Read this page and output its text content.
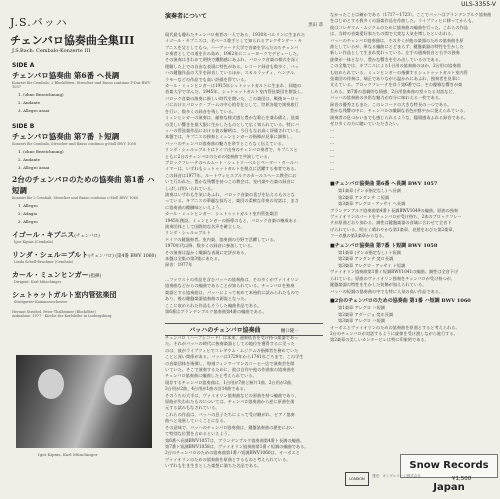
ULS-3355-V
J.S.バッハ
チェンバロ協奏曲全集III
J.S.Bach: Cembalo-Konzerte III
SIDE A
チェンバロ協奏曲 第6番 ヘ長調
Konzert für Cembalo, 2 Blockflöten, Streicher und Basso continuo F-Dur BWV 1057
1. (ohne Bezeichnung)
2. Andante
3. Allegro assai
SIDE B
チェンバロ協奏曲 第7番 ト短調
Konzert für Cembalo, Streicher und Basso continuo g-Moll BWV 1058
1. (ohne Bezeichnung)
2. Andante
3. Allegro assai
2台のチェンバロのための協奏曲 第1番 ハ短調
Konzert für 2 Cembali, Streicher und Basso continuo c-Moll BWV 1060
1. Allegro
2. Adagio
3. Allegro
イゴール・キプニス(チェンバロ)
Igor Kipnis (Cembalo)
リンダ・シェル＝ブルト(チェンバロ) (第4番 BWV 1060)
Linda Schell-Bruckner (Cembalo)
カール・ミュンヒンガー(指揮)
Dirigent: Karl Münchinger
シュトゥットガルト室内管弦楽団
Stuttgarter Kammerorchester
Hermut Striebel, Peter Thalheimer (Blockflöte)
Aufnahme: 1977 · Kirche der Karlshöhe in Ludwigsburg
Igor Kipnis, Karl Münchinger
演奏者について
黒田 恭
現代最も優れたチェンバロ奏者の一人である、1930年ベルリンに生まれた
イゴール・キプニスは、名ベース歌手として知られるアレクサンダー・キ
プニスを父としてもつ。ハーヴァード大学で音楽を学んだのちチェンバ
ロ奏者としての道を歩み始め、1962年にニューヨークでデビューした。
その演奏はきわめて明快で躍動感にあふれ、バロック音楽の様式を深く
理解した上での自由な表現に特色がある。レコード録音も数多く、バッ
ハの鍵盤作品の大半を録音しているほか、スカルラッティ、ヘンデル、
ラモーなどの作品でも高い評価を得ている。
カール・ミュンヒンガーは1915年シュトゥットガルトに生まれ、同地の
音楽大学で学んだ。1945年、シュトゥットガルト室内管弦楽団を創設し、
バロック音楽の演奏に新しい時代を開いた。この楽団は、戦後ヨーロッ
パにおけるバロック・ブームの中心的存在として、世界各地で演奏旅行
を行い、数多くの録音を残している。
ミュンヒンガーの演奏は、厳格な様式感と豊かな歌心を兼ね備え、弦楽
の美しい響きを最大限に生かしたものとして広く知られている。特にバ
ッハの管弦楽作品における彼の解釈は、今日もなお高く評価されている。
本盤では、キプニスの独奏とミュンヒンガーの指揮が見事に調和し、
バッハのチェンバロ協奏曲の魅力を余すところなく伝えている。
リンダ・シェル＝ブルトはドイツ出身のチェンバロ奏者で、キプニスと
ともに2台のチェンバロのための協奏曲で共演している。
ブロックフレーテのヘルムート・シュトリーベルとペーター・タールハ
イマーは、いずれもシュトゥットガルトを拠点に活躍する奏者である。
この録音は1977年、ルートヴィヒスブルクのカールスヘーエ教会にお
いて行われた。豊かな残響を持つこの教会は、室内楽や古楽の録音に
しばしば用いられている。
演奏はいずれも生気にあふれ、バロック音楽の喜びを伝えるものとな
っている。キプニスの華麗な技巧と、楽団の柔軟な伴奏の対話は、まさ
に協奏曲の醍醐味といえよう。
カール・ミュンヒンガー：シュトゥットガルト室内管弦楽団
1945年創設。ミュンヒンガーの指導のもと、バロック音楽の権威ある
演奏団体として国際的な名声を確立した。
リンダ・シェル＝ブルト
ドイツの鍵盤奏者。室内楽、協奏曲の分野で活躍している。
1970年代以降、数多くの録音に参加している。
その演奏は温かく繊細な表現に定評がある。
本盤は全集の第3集にあたる。
録音：1977年
…ファウストの作品を含むバッハの協奏曲は、その多くがヴァイオリン
協奏曲などからの編曲であることが知られている。チェンバロを独奏
楽器とする協奏曲は、バッハによって初めて本格的に試みられたもので
あり、後の鍵盤楽器協奏曲の源流となった。
ここに収められた作品もそうした編曲作品である。
第6番はブランデンブルク協奏曲第4番の編曲である。
バッハのチェンバロ協奏曲	樋口隆一
チェンバロ（ハープシコード）は本来、通奏低音を受け持つ楽器であっ
た。それがバッハの時代に独奏楽器としての地位を獲得するに至った
のは、彼がライプツィヒでコレギウム・ムジクムの指揮者を務めていた
ことと深い関係がある。バッハは1729年から1741年ごろまで、この学生
の音楽団体を指揮し、毎週ツィンマーマンのコーヒー店で演奏会を開
いていた。そこで演奏するために、彼は自作や他の作曲家の協奏曲を
チェンバロ協奏曲に編曲したと考えられている。
現存するチェンバロ協奏曲は、1台用が7曲と断片1曲、2台用が3曲、
3台用が2曲、4台用が1曲の計14曲である。
そのうちの大半は、ヴァイオリン協奏曲などの原曲を持つ編曲であり、
原曲が失われたものについては、チェンバロ協奏曲から逆に原曲を復
元する試みもなされている。
これらの作品は、バッハの息子たちによって受け継がれ、ピアノ協奏
曲へと発展していくことになる。
その意味で、バッハのチェンバロ協奏曲は、鍵盤協奏曲の歴史におい
て特別な位置を占めるといえよう。
第6番ヘ長調BWV1057は、ブランデンブルク協奏曲第4番ト長調の編曲。
第7番ト短調BWV1058は、ヴァイオリン協奏曲第1番イ短調の編曲である。
2台のチェンバロのための協奏曲第1番ハ短調BWV1060は、オーボエと
ヴァイオリンのための協奏曲を原曲とするものと考えられている。
いずれも生き生きとした楽想に満ちた名品である。
なかったことは確かである（1717〜1723）。ここでバッハはブランデンブルク協奏曲
をはじめとする数多くの器楽作品を作曲した。ライプツィヒに移ってからも、
彼はコレギウム・ムジクムのために協奏曲の編曲を行った。これらの作品
は、当時の音楽愛好家たちの間で大変な人気を博したといわれる。
バッハのチェンバロ協奏曲は、その多くが他の楽器のための協奏曲を原
曲としているが、単なる編曲にとどまらず、鍵盤楽器の特性を生かした
新しい作品として生まれ変わっている。左手の通奏低音と右手の独奏
旋律が一体となり、豊かな響きを生み出しているのである。
この全集では、キプニスによる1台用の協奏曲のほか、2台用の協奏曲
も収められている。ミュンヒンガーの指揮するシュトゥットガルト室内管
弦楽団の伴奏は、端正でありながら温かみにあふれ、独奏者を見事に
支えている。ブロックフレーテを伴う第6番では、その優雅な響きが楽
しめる。第7番の悲劇的な情感、2台用協奏曲の堂々たる対話など、
バッハの協奏曲の多彩な魅力が存分に味わえる一枚である。
録音の優秀さもまた、このレコードの大きな特長の一つである。
豊かな残響の中に、チェンバロの繊細な音色が鮮やかに捉えられている。
演奏者の息づかいまでも感じられるような、臨場感あふれる録音である。
ぜひ多くの方に聴いていただきたい。
…
…
…
…
…
…
…
■チェンバロ協奏曲 第6番 ヘ長調 BWV 1057
第1楽章 (テンポ指定なし) ヘ長調
第2楽章 アンダンテ ニ短調
第3楽章 アレグロ・アッサイ ヘ長調
ブランデンブルク協奏曲第4番ト長調BWV1049の編曲。原曲の独奏
ヴァイオリンのパートをチェンバロが受け持ち、2本のブロックフレー
テが原曲どおり加わる。調性は鍵盤楽器の音域に合わせて全音下
げられている。明るく晴れやかな第1楽章、哀愁をおびた第2楽章、
フーガ風の第3楽章からなる。
■チェンバロ協奏曲 第7番 ト短調 BWV 1058
第1楽章 (テンポ指定なし) ト短調
第2楽章 アンダンテ 変ロ長調
第3楽章 アレグロ・アッサイ ト短調
ヴァイオリン協奏曲第1番イ短調BWV1041の編曲。調性は全音下げ
られている。原曲のヴァイオリン独奏をチェンバロが受け持つが、
鍵盤楽器の特性を生かした装飾が加えられている。
バッハの短調の協奏曲の中でも特に人気の高い作品である。
■2台のチェンバロのための協奏曲 第1番 ハ短調 BWV 1060
第1楽章 アレグロ ハ短調
第2楽章 アダージョ 変ホ長調
第3楽章 アレグロ ハ短調
オーボエとヴァイオリンのための協奏曲を原曲とすると考えられる。
2台のチェンバロが対話するように旋律を受け渡しながら進行する。
第2楽章の美しいカンタービレは特に印象的である。
Snow Records Japan
LONDON
発売：キングレコード株式会社	¥1,500
